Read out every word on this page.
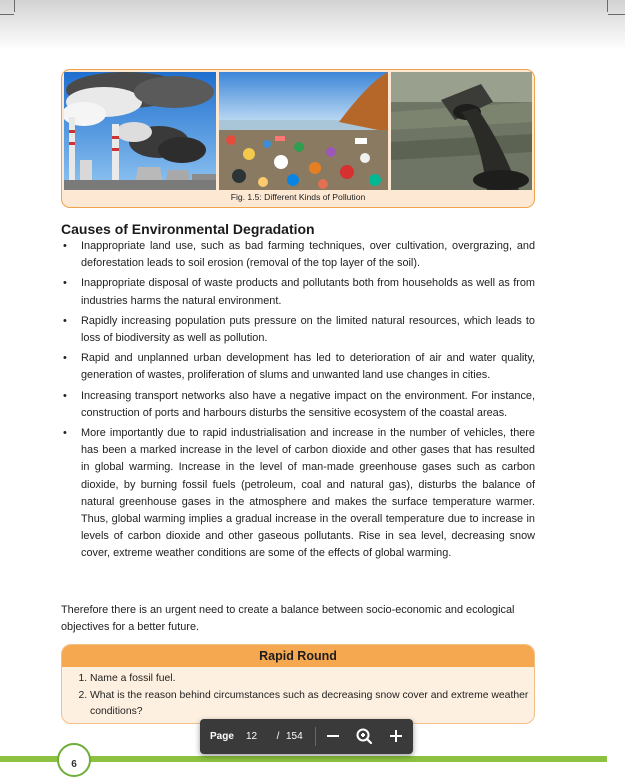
Fig. 1.5: Different Kinds of Pollution
Causes of Environmental Degradation
• Inappropriate land use, such as bad farming techniques, over cultivation, overgrazing, and deforestation leads to soil erosion (removal of the top layer of the soil).
• Inappropriate disposal of waste products and pollutants both from households as well as from industries harms the natural environment.
• Rapidly increasing population puts pressure on the limited natural resources, which leads to loss of biodiversity as well as pollution.
• Rapid and unplanned urban development has led to deterioration of air and water quality, generation of wastes, proliferation of slums and unwanted land use changes in cities.
• Increasing transport networks also have a negative impact on the environment. For instance, construction of ports and harbours disturbs the sensitive ecosystem of the coastal areas.
• More importantly due to rapid industrialisation and increase in the number of vehicles, there has been a marked increase in the level of carbon dioxide and other gases that has resulted in global warming. Increase in the level of man-made greenhouse gases such as carbon dioxide, by burning fossil fuels (petroleum, coal and natural gas), disturbs the balance of natural greenhouse gases in the atmosphere and makes the surface temperature warmer. Thus, global warming implies a gradual increase in the overall temperature due to increase in levels of carbon dioxide and other gaseous pollutants. Rise in sea level, decreasing snow cover, extreme weather conditions are some of the effects of global warming.
Therefore there is an urgent need to create a balance between socio-economic and ecological objectives for a better future.
Rapid Round
1. Name a fossil fuel.
2. What is the reason behind circumstances such as decreasing snow cover and extreme weather conditions?
6
Page 12	/ 154
